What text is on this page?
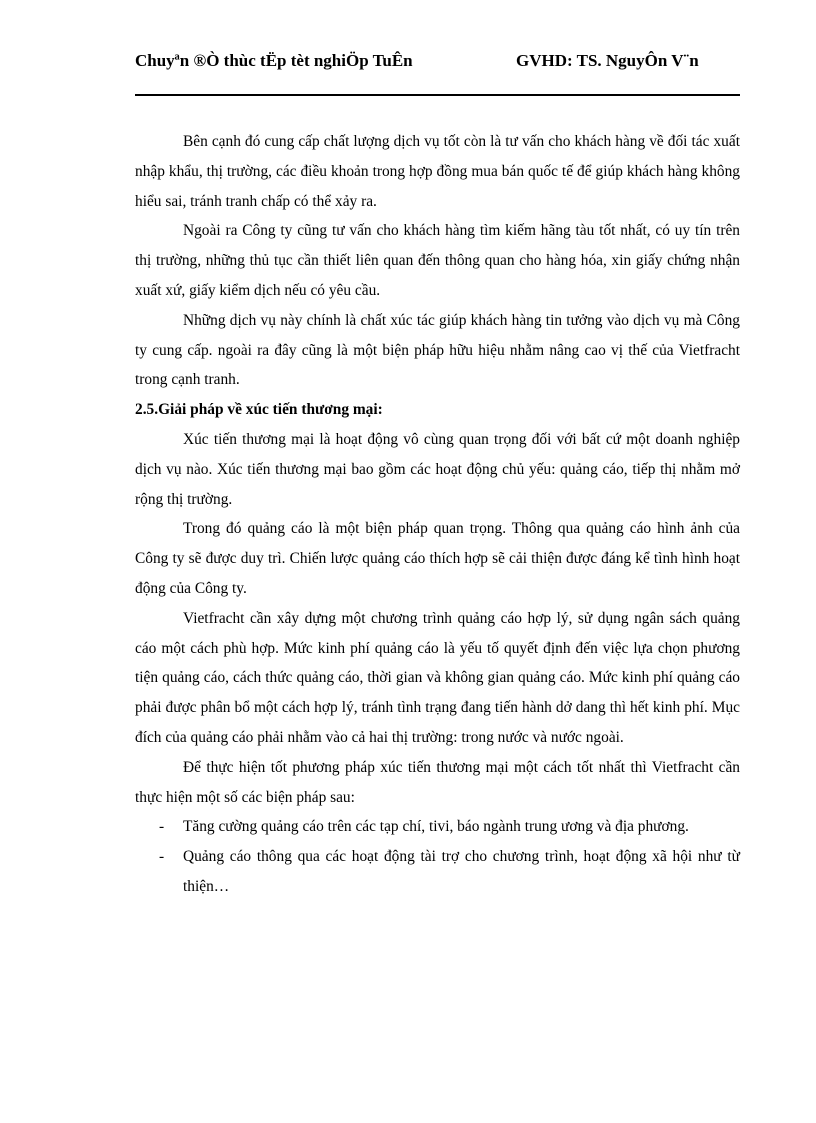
Chuyªn ®Ò thùc tËp tèt nghiÖp TuÊn	GVHD: TS. NguyÔn V¨n

Bên cạnh đó cung cấp chất lượng dịch vụ tốt còn là tư vấn cho khách hàng về đối tác xuất nhập khẩu, thị trường, các điều khoản trong hợp đồng mua bán quốc tế để giúp khách hàng không hiểu sai, tránh tranh chấp có thể xảy ra.

Ngoài ra Công ty cũng tư vấn cho khách hàng tìm kiếm hãng tàu tốt nhất, có uy tín trên thị trường, những thủ tục cần thiết liên quan đến thông quan cho hàng hóa, xin giấy chứng nhận xuất xứ, giấy kiểm dịch nếu có yêu cầu.

Những dịch vụ này chính là chất xúc tác giúp khách hàng tin tưởng vào dịch vụ mà Công ty cung cấp. ngoài ra đây cũng là một biện pháp hữu hiệu nhằm nâng cao vị thế của Vietfracht trong cạnh tranh.

2.5.Giải pháp về xúc tiến thương mại:

Xúc tiến thương mại là hoạt động vô cùng quan trọng đối với bất cứ một doanh nghiệp dịch vụ nào. Xúc tiến thương mại bao gồm các hoạt động chủ yếu: quảng cáo, tiếp thị nhằm mở rộng thị trường.

Trong đó quảng cáo là một biện pháp quan trọng. Thông qua quảng cáo hình ảnh của Công ty sẽ được duy trì. Chiến lược quảng cáo thích hợp sẽ cải thiện được đáng kể tình hình hoạt động của Công ty.

Vietfracht cần xây dựng một chương trình quảng cáo hợp lý, sử dụng ngân sách quảng cáo một cách phù hợp. Mức kinh phí quảng cáo là yếu tố quyết định đến việc lựa chọn phương tiện quảng cáo, cách thức quảng cáo, thời gian và không gian quảng cáo. Mức kinh phí quảng cáo phải được phân bổ một cách hợp lý, tránh tình trạng đang tiến hành dở dang thì hết kinh phí. Mục đích của quảng cáo phải nhằm vào cả hai thị trường: trong nước và nước ngoài.

Để thực hiện tốt phương pháp xúc tiến thương mại một cách tốt nhất thì Vietfracht cần thực hiện một số các biện pháp sau:

- Tăng cường quảng cáo trên các tạp chí, tivi, báo ngành trung ương và địa phương.
- Quảng cáo thông qua các hoạt động tài trợ cho chương trình, hoạt động xã hội như từ thiện…
